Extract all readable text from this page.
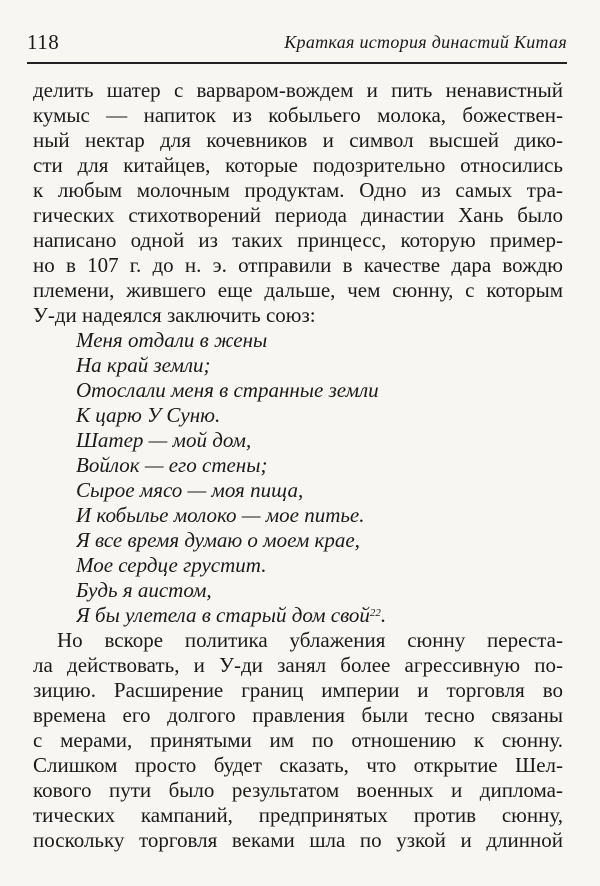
118	Краткая история династий Китая
делить шатер с варваром-вождем и пить ненавистный
кумыс — напиток из кобыльего молока, божествен-
ный нектар для кочевников и символ высшей дико-
сти для китайцев, которые подозрительно относились
к любым молочным продуктам. Одно из самых тра-
гических стихотворений периода династии Хань было
написано одной из таких принцесс, которую пример-
но в 107 г. до н. э. отправили в качестве дара вождю
племени, жившего еще дальше, чем сюнну, с которым
У-ди надеялся заключить союз:
Меня отдали в жены
На край земли;
Отослали меня в странные земли
К царю У Суню.
Шатер — мой дом,
Войлок — его стены;
Сырое мясо — моя пища,
И кобылье молоко — мое питье.
Я все время думаю о моем крае,
Мое сердце грустит.
Будь я аистом,
Я бы улетела в старый дом свой$^{22}$.
Но вскоре политика ублажения сюнну переста-
ла действовать, и У-ди занял более агрессивную по-
зицию. Расширение границ империи и торговля во
времена его долгого правления были тесно связаны
с мерами, принятыми им по отношению к сюнну.
Слишком просто будет сказать, что открытие Шел-
кового пути было результатом военных и диплома-
тических кампаний, предпринятых против сюнну,
поскольку торговля веками шла по узкой и длинной
